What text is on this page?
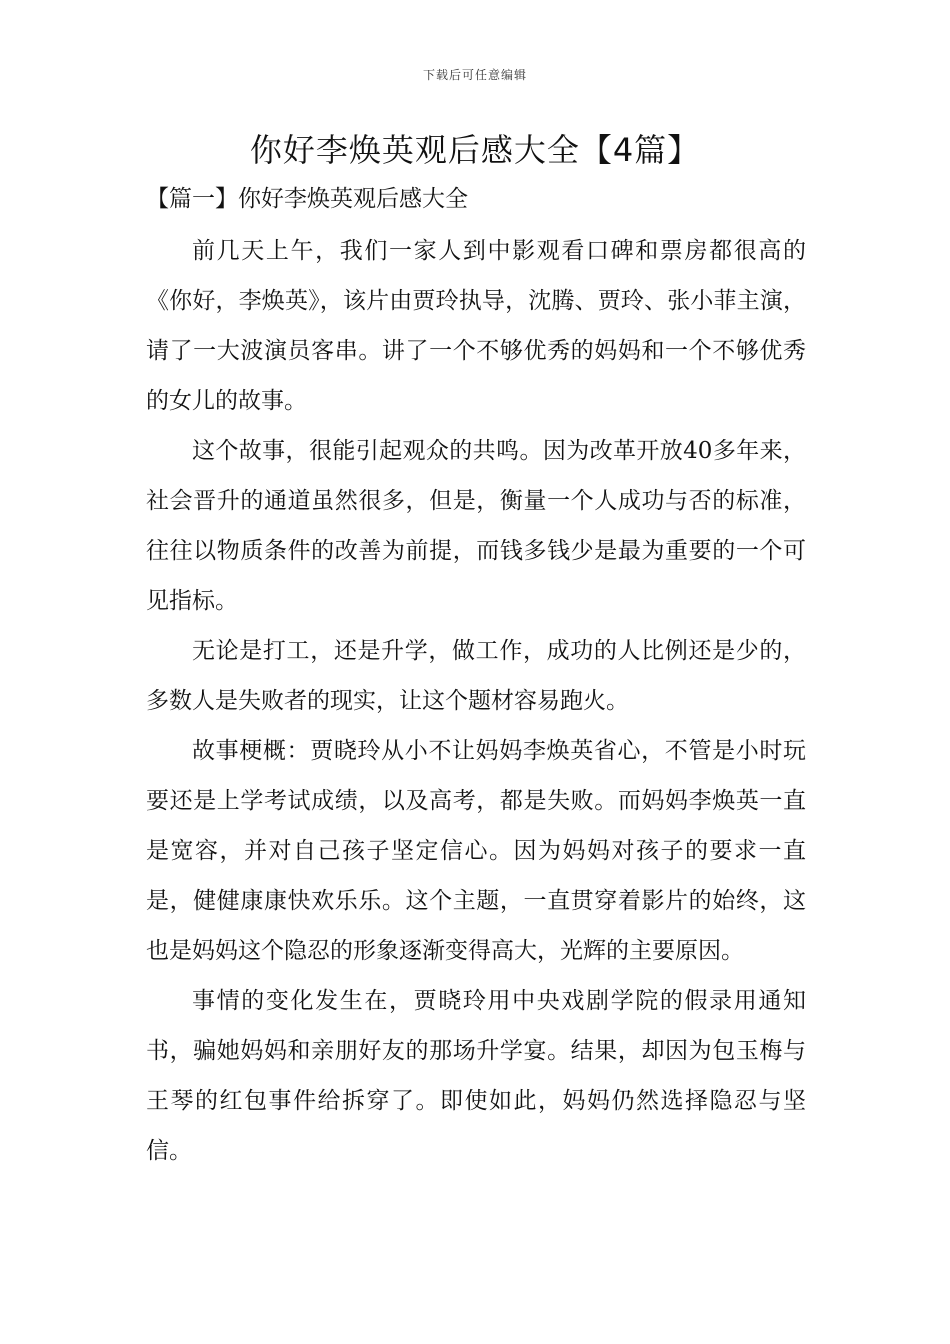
下载后可任意编辑
你好李焕英观后感大全【4篇】
【篇一】你好李焕英观后感大全

前几天上午，我们一家人到中影观看口碑和票房都很高的《你好，李焕英》，该片由贾玲执导，沈腾、贾玲、张小菲主演，请了一大波演员客串。讲了一个不够优秀的妈妈和一个不够优秀的女儿的故事。

这个故事，很能引起观众的共鸣。因为改革开放40多年来，社会晋升的通道虽然很多，但是，衡量一个人成功与否的标准，往往以物质条件的改善为前提，而钱多钱少是最为重要的一个可见指标。

无论是打工，还是升学，做工作，成功的人比例还是少的，多数人是失败者的现实，让这个题材容易跑火。

故事梗概：贾晓玲从小不让妈妈李焕英省心，不管是小时玩要还是上学考试成绩，以及高考，都是失败。而妈妈李焕英一直是宽容，并对自己孩子坚定信心。因为妈妈对孩子的要求一直是，健健康康快欢乐乐。这个主题，一直贯穿着影片的始终，这也是妈妈这个隐忍的形象逐渐变得高大，光辉的主要原因。

事情的变化发生在，贾晓玲用中央戏剧学院的假录用通知书，骗她妈妈和亲朋好友的那场升学宴。结果，却因为包玉梅与王琴的红包事件给拆穿了。即使如此，妈妈仍然选择隐忍与坚信。
